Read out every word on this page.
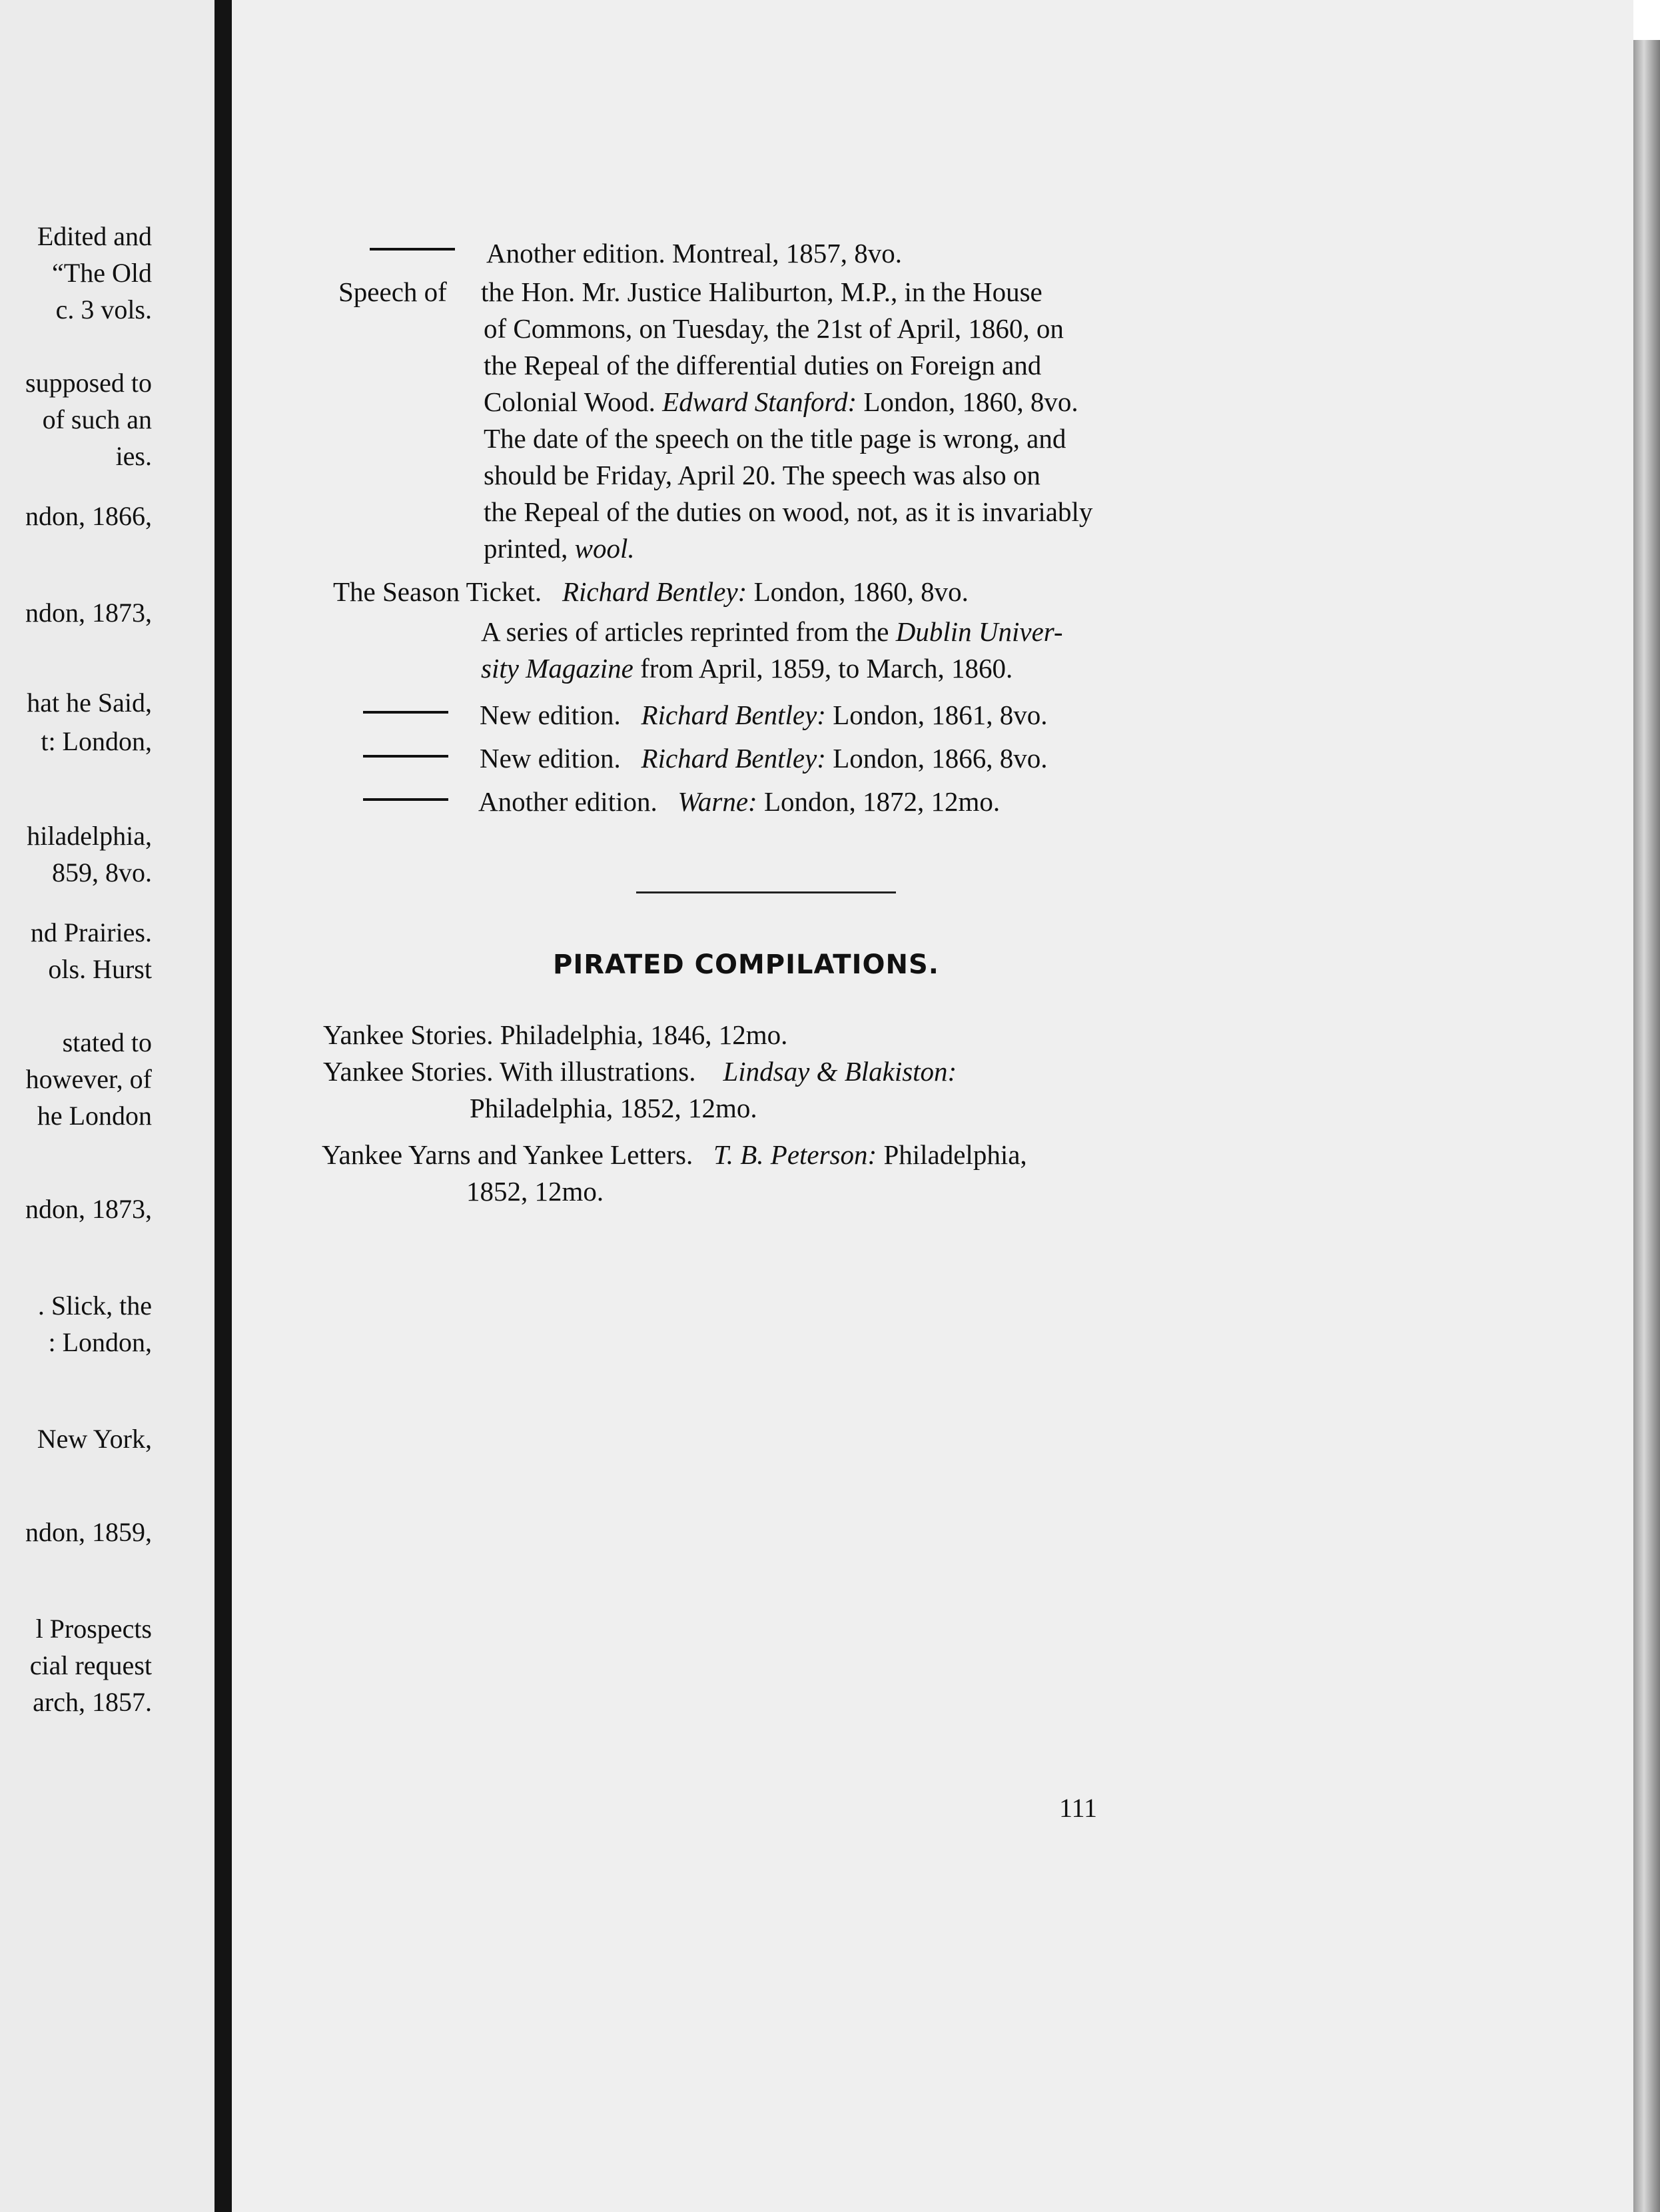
Edited and
“The Old
c. 3 vols.
supposed to
of such an
ies.
ndon, 1866,
ndon, 1873,
hat he Said,
t: London,
hiladelphia,
859, 8vo.
nd Prairies.
ols. Hurst
stated to
however, of
he London
ndon, 1873,
. Slick, the
: London,
New York,
ndon, 1859,
l Prospects
cial request
arch, 1857.
Another edition. Montreal, 1857, 8vo.
Speech of the Hon. Mr. Justice Haliburton, M.P., in the House
of Commons, on Tuesday, the 21st of April, 1860, on
the Repeal of the differential duties on Foreign and
Colonial Wood. Edward Stanford: London, 1860, 8vo.
The date of the speech on the title page is wrong, and
should be Friday, April 20. The speech was also on
the Repeal of the duties on wood, not, as it is invariably
printed, wool.
The Season Ticket. Richard Bentley: London, 1860, 8vo.
A series of articles reprinted from the Dublin Univer-
sity Magazine from April, 1859, to March, 1860.
New edition. Richard Bentley: London, 1861, 8vo.
New edition. Richard Bentley: London, 1866, 8vo.
Another edition. Warne: London, 1872, 12mo.
PIRATED COMPILATIONS.
Yankee Stories. Philadelphia, 1846, 12mo.
Yankee Stories. With illustrations. Lindsay & Blakiston:
Philadelphia, 1852, 12mo.
Yankee Yarns and Yankee Letters. T. B. Peterson: Philadelphia,
1852, 12mo.
111
